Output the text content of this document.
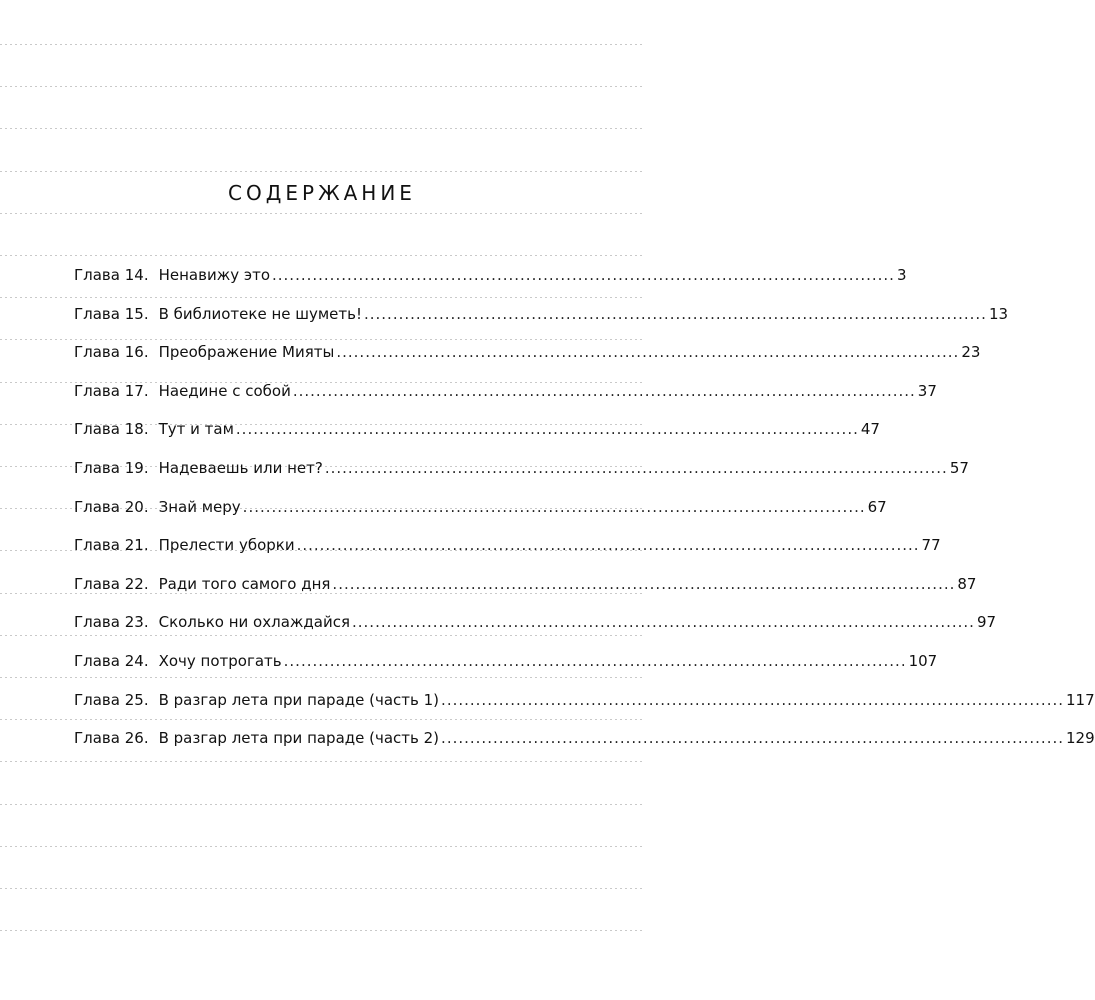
СОДЕРЖАНИЕ
Глава 14. Ненавижу это .....	3
Глава 15. В библиотеке не шуметь! .....	13
Глава 16. Преображение Мияты .....	23
Глава 17. Наедине с собой .....	37
Глава 18. Тут и там .....	47
Глава 19. Надеваешь или нет? .....	57
Глава 20. Знай меру .....	67
Глава 21. Прелести уборки .....	77
Глава 22. Ради того самого дня .....	87
Глава 23. Сколько ни охлаждайся .....	97
Глава 24. Хочу потрогать .....	107
Глава 25. В разгар лета при параде (часть 1) .....	117
Глава 26. В разгар лета при параде (часть 2) .....	129
